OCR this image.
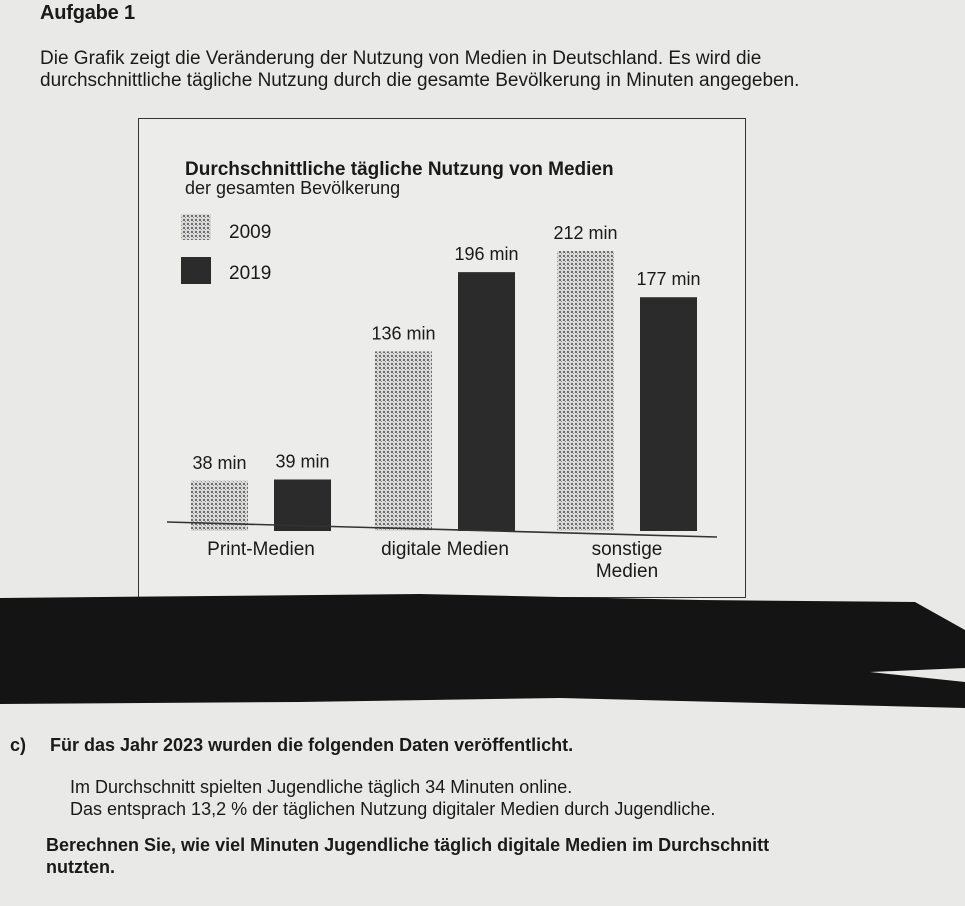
Aufgabe 1

Die Grafik zeigt die Veränderung der Nutzung von Medien in Deutschland. Es wird die

durchschnittliche tägliche Nutzung durch die gesamte Bevölkerung in Minuten angegeben.

Durchschnittliche tägliche Nutzung von Medien
der gesamten Bevölkerung
2009
2019
38 min 39 min
136 min
196 min
212 min
177 min
Print-Medien	digitale Medien	sonstige
Medien
c) Für das Jahr 2023 wurden die folgenden Daten veröffentlicht.
Im Durchschnitt spielten Jugendliche täglich 34 Minuten online.
Das entsprach 13,2 % der täglichen Nutzung digitaler Medien durch Jugendliche.
Berechnen Sie, wie viel Minuten Jugendliche täglich digitale Medien im Durchschnitt
nutzten.
